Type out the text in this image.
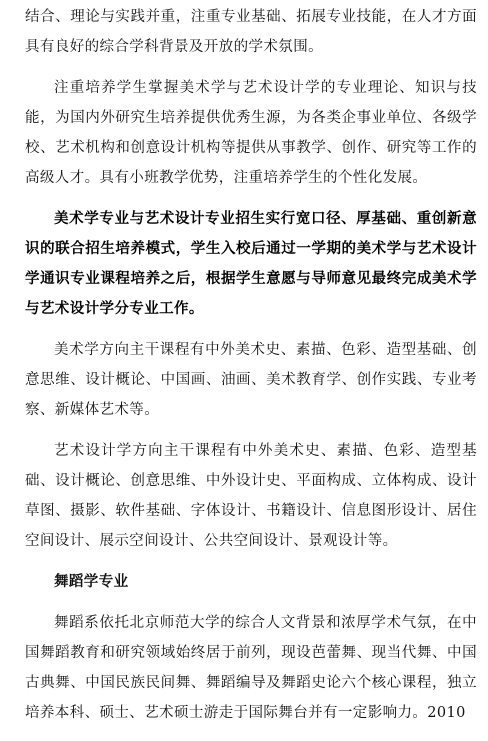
结合、理论与实践并重，注重专业基础、拓展专业技能，在人才方面具有良好的综合学科背景及开放的学术氛围。

注重培养学生掌握美术学与艺术设计学的专业理论、知识与技能，为国内外研究生培养提供优秀生源，为各类企事业单位、各级学校、艺术机构和创意设计机构等提供从事教学、创作、研究等工作的高级人才。具有小班教学优势，注重培养学生的个性化发展。

美术学专业与艺术设计专业招生实行宽口径、厚基础、重创新意识的联合招生培养模式，学生入校后通过一学期的美术学与艺术设计学通识专业课程培养之后，根据学生意愿与导师意见最终完成美术学与艺术设计学分专业工作。

美术学方向主干课程有中外美术史、素描、色彩、造型基础、创意思维、设计概论、中国画、油画、美术教育学、创作实践、专业考察、新媒体艺术等。

艺术设计学方向主干课程有中外美术史、素描、色彩、造型基础、设计概论、创意思维、中外设计史、平面构成、立体构成、设计草图、摄影、软件基础、字体设计、书籍设计、信息图形设计、居住空间设计、展示空间设计、公共空间设计、景观设计等。

舞蹈学专业

舞蹈系依托北京师范大学的综合人文背景和浓厚学术气氛，在中国舞蹈教育和研究领域始终居于前列，现设芭蕾舞、现当代舞、中国古典舞、中国民族民间舞、舞蹈编导及舞蹈史论六个核心课程，独立培养本科、硕士、艺术硕士游走于国际舞台并有一定影响力。2010
